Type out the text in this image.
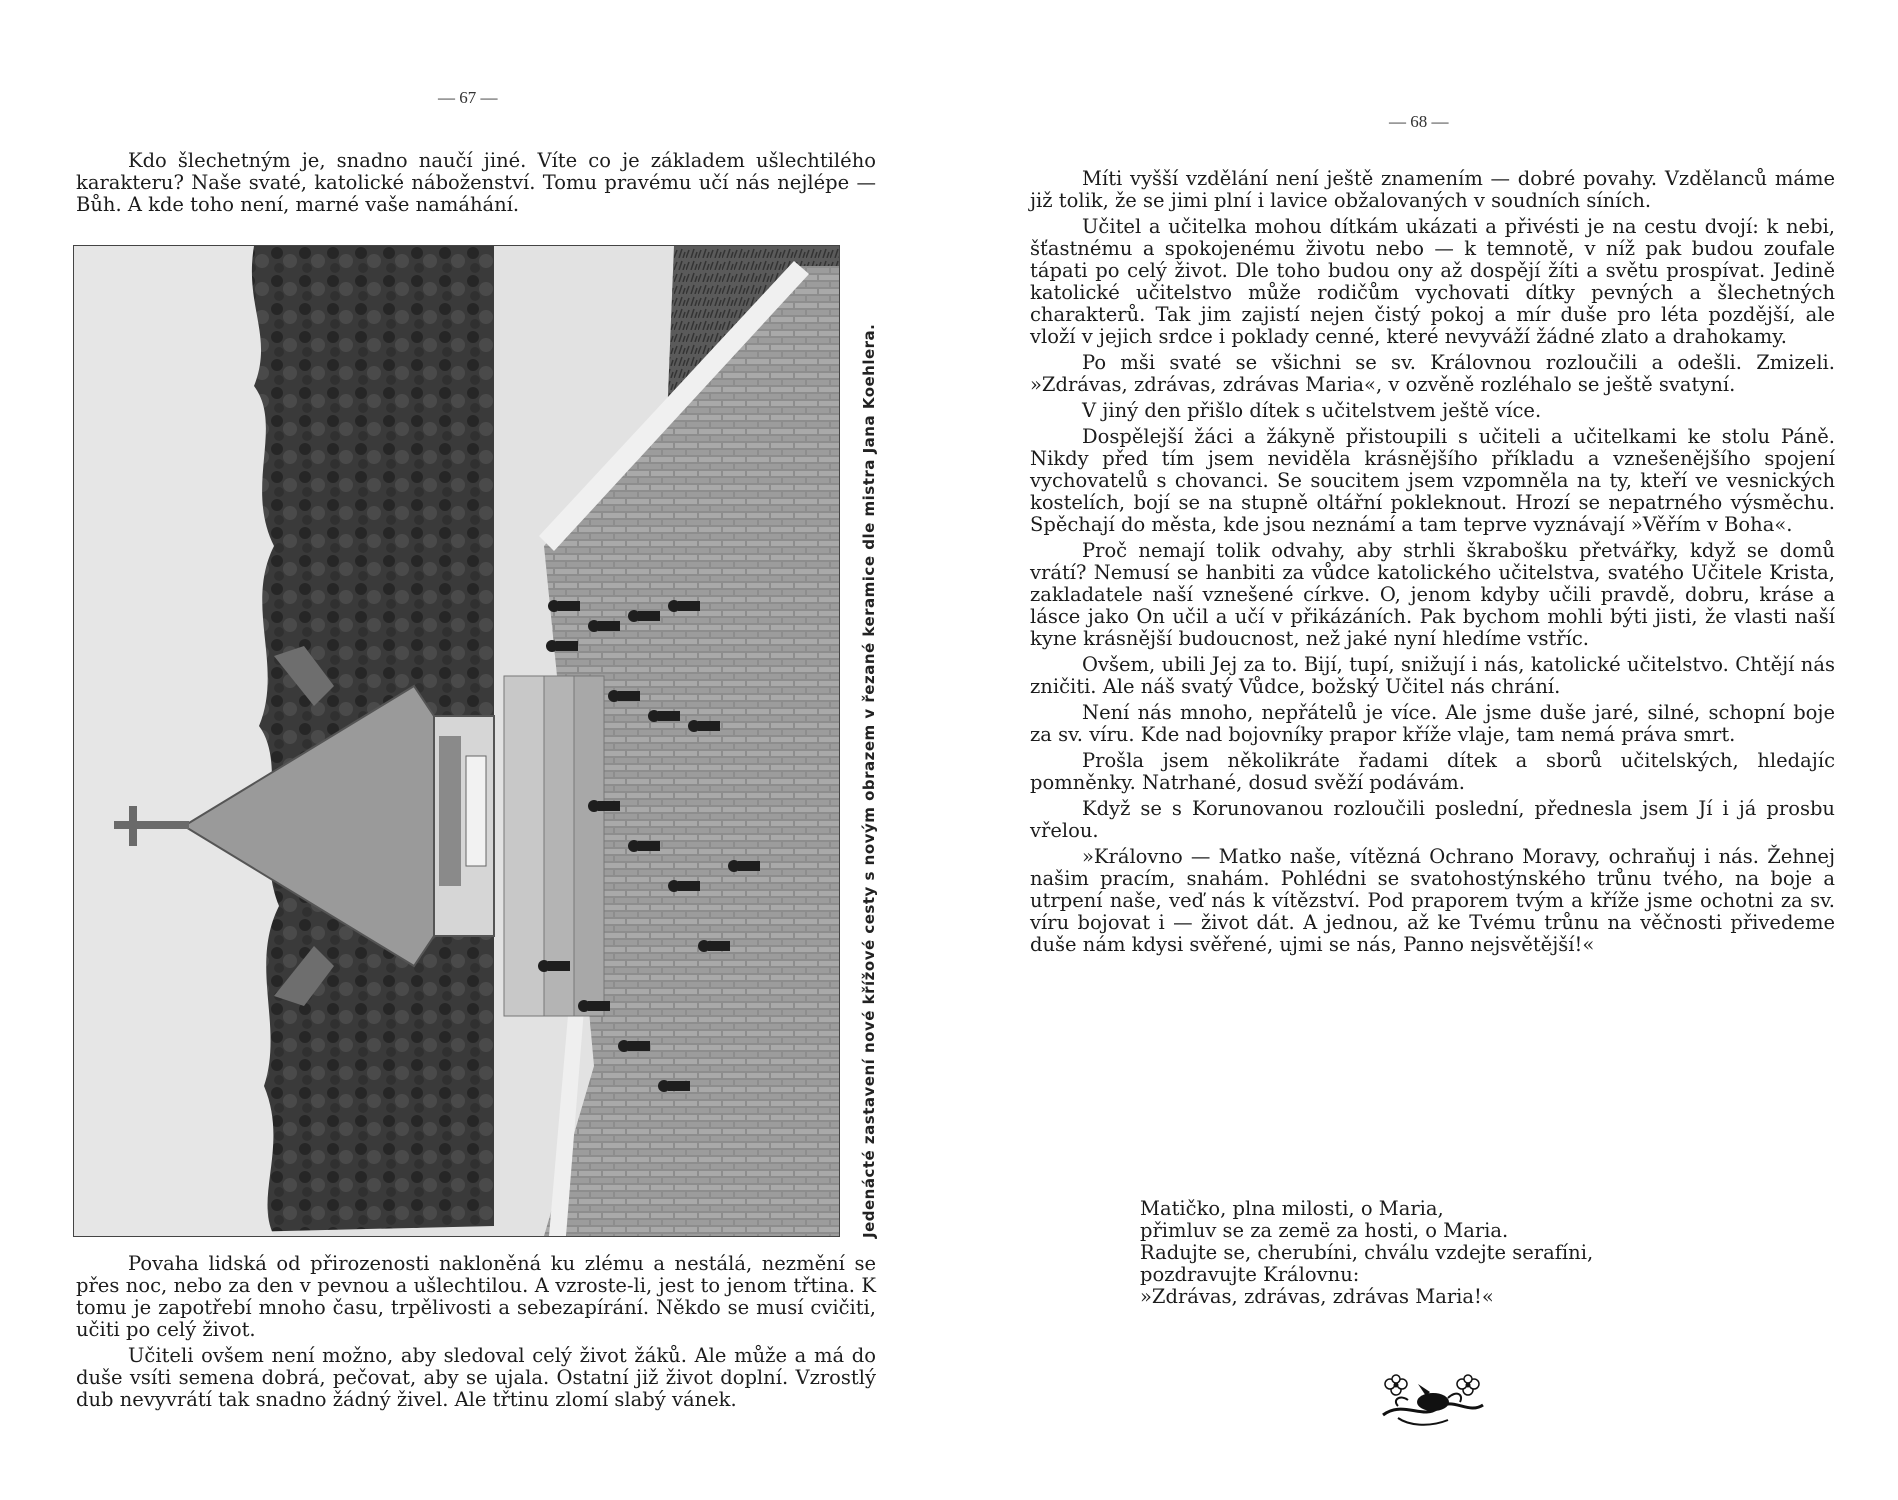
— 67 —

Kdo šlechetným je, snadno naučí jiné. Víte co je základem ušlechtilého karakteru? Naše svaté, katolické náboženství. Tomu pravému učí nás nejlépe — Bůh. A kde toho není, marné vaše namáhání.

Jedenácté zastavení nové křížové cesty s novým obrazem v řezané keramice dle mistra Jana Koehlera.

Povaha lidská od přirozenosti nakloněná ku zlému a nestálá, nezmění se přes noc, nebo za den v pevnou a ušlechtilou. A vzroste-li, jest to jenom třtina. K tomu je zapotřebí mnoho času, trpělivosti a sebezapírání. Někdo se musí cvičiti, učiti po celý život.

Učiteli ovšem není možno, aby sledoval celý život žáků. Ale může a má do duše vsíti semena dobrá, pečovat, aby se ujala. Ostatní již život doplní. Vzrostlý dub nevyvrátí tak snadno žádný živel. Ale třtinu zlomí slabý vánek.

— 68 —

Míti vyšší vzdělání není ještě znamením — dobré povahy. Vzdělanců máme již tolik, že se jimi plní i lavice obžalovaných v soudních síních.

Učitel a učitelka mohou dítkám ukázati a přivésti je na cestu dvojí: k nebi, šťastnému a spokojenému životu nebo — k temnotě, v níž pak budou zoufale tápati po celý život. Dle toho budou ony až dospějí žíti a světu prospívat. Jedině katolické učitelstvo může rodičům vychovati dítky pevných a šlechetných charakterů. Tak jim zajistí nejen čistý pokoj a mír duše pro léta pozdější, ale vloží v jejich srdce i poklady cenné, které nevyváží žádné zlato a drahokamy.

Po mši svaté se všichni se sv. Královnou rozloučili a odešli. Zmizeli. »Zdrávas, zdrávas, zdrávas Maria«, v ozvěně rozléhalo se ještě svatyní.

V jiný den přišlo dítek s učitelstvem ještě více.

Dospělejší žáci a žákyně přistoupili s učiteli a učitelkami ke stolu Páně. Nikdy před tím jsem neviděla krásnějšího příkladu a vznešenějšího spojení vychovatelů s chovanci. Se soucitem jsem vzpomněla na ty, kteří ve vesnických kostelích, bojí se na stupně oltářní pokleknout. Hrozí se nepatrného výsměchu. Spěchají do města, kde jsou neznámí a tam teprve vyznávají »Věřím v Boha«.

Proč nemají tolik odvahy, aby strhli škrabošku přetvářky, když se domů vrátí? Nemusí se hanbiti za vůdce katolického učitelstva, svatého Učitele Krista, zakladatele naší vznešené církve. O, jenom kdyby učili pravdě, dobru, kráse a lásce jako On učil a učí v přikázáních. Pak bychom mohli býti jisti, že vlasti naší kyne krásnější budoucnost, než jaké nyní hledíme vstříc.

Ovšem, ubili Jej za to. Bijí, tupí, snižují i nás, katolické učitelstvo. Chtějí nás zničiti. Ale náš svatý Vůdce, božský Učitel nás chrání.

Není nás mnoho, nepřátelů je více. Ale jsme duše jaré, silné, schopní boje za sv. víru. Kde nad bojovníky prapor kříže vlaje, tam nemá práva smrt.

Prošla jsem několikráte řadami dítek a sborů učitelských, hledajíc pomněnky. Natrhané, dosud svěží podávám.

Když se s Korunovanou rozloučili poslední, přednesla jsem Jí i já prosbu vřelou.

»Královno — Matko naše, vítězná Ochrano Moravy, ochraňuj i nás. Žehnej našim pracím, snahám. Pohlédni se svatohostýnského trůnu tvého, na boje a utrpení naše, veď nás k vítězství. Pod praporem tvým a kříže jsme ochotni za sv. víru bojovat i — život dát. A jednou, až ke Tvému trůnu na věčnosti přivedeme duše nám kdysi svěřené, ujmi se nás, Panno nejsvětější!«

Matičko, plna milosti, o Maria,
přimluv se za zemë za hosti, o Maria.
Radujte se, cherubíni, chválu vzdejte serafíni,
pozdravujte Královnu:
»Zdrávas, zdrávas, zdrávas Maria!«
